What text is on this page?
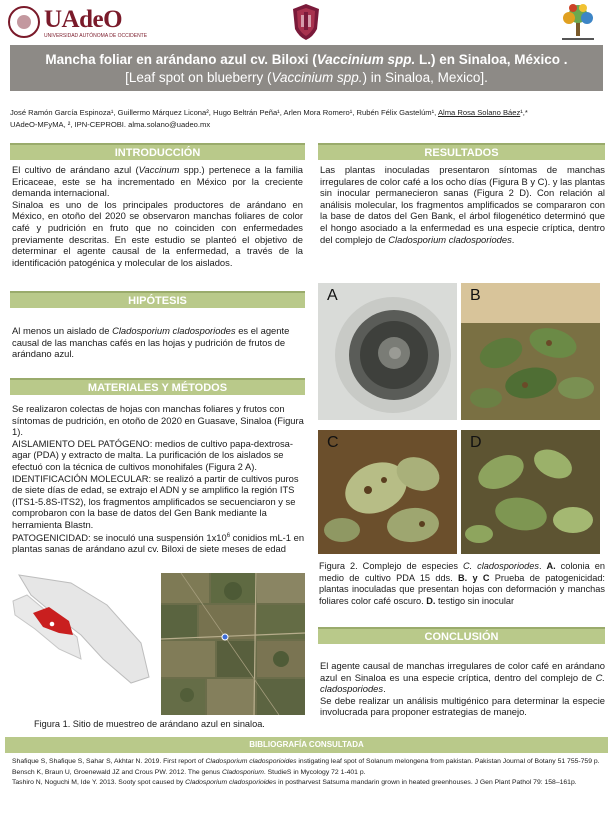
UAdeO
UNIVERSIDAD AUTÓNOMA DE OCCIDENTE
Mancha foliar en arándano azul cv. Biloxi (Vaccinium spp. L.) en Sinaloa, México .
[Leaf spot on blueberry (Vaccinium spp.) in Sinaloa, Mexico].
José Ramón García Espinoza¹, Guillermo Márquez Licona², Hugo Beltrán Peña¹, Arlen Mora Romero¹, Rubén Félix Gastelúm¹, Alma Rosa Solano Báez¹,*
UAdeO-MFyMA, ², IPN-CEPROBI. alma.solano@uadeo.mx
INTRODUCCIÓN
El cultivo de arándano azul (Vaccinum spp.) pertenece a la familia Ericaceae, este se ha incrementado en México por la creciente demanda internacional.
Sinaloa es uno de los principales productores de arándano en México, en otoño del 2020 se observaron manchas foliares de color café y pudrición en fruto que no coinciden con enfermedades previamente descritas. En este estudio se planteó el objetivo de determinar el agente causal de la enfermedad, a través de la identificación patogénica y molecular de los aislados.
HIPÓTESIS
Al menos un aislado de Cladosporium cladosporiodes es el agente causal de las manchas cafés en las hojas y pudrición de frutos de arándano azul.
MATERIALES Y MÉTODOS
Se realizaron colectas de hojas con manchas foliares y frutos con síntomas de pudrición, en otoño de 2020 en Guasave, Sinaloa (Figura 1).
AISLAMIENTO DEL PATÓGENO: medios de cultivo papa-dextrosa-agar (PDA) y extracto de malta. La purificación de los aislados se efectuó con la técnica de cultivos monohifales (Figura 2 A).
IDENTIFICACIÓN MOLECULAR: se realizó a partir de cultivos puros de siete días de edad, se extrajo el ADN y se amplifico la región ITS (ITS1-5.8S-ITS2), los fragmentos amplificados se secuenciaron y se comprobaron con la base de datos del Gen Bank mediante la herramienta Blastn.
PATOGENICIDAD: se inoculó una suspensión $1x10^6$ conidios mL-1 en plantas sanas de arándano azul cv. Biloxi de siete meses de edad
Figura 1. Sitio de muestreo de arándano azul en sinaloa.
RESULTADOS
Las plantas inoculadas presentaron síntomas de manchas irregulares de color café a los ocho días (Figura B y C). y las plantas sin inocular permanecieron sanas (Figura 2 D). Con relación al análisis molecular, los fragmentos amplificados se compararon con la base de datos del Gen Bank, el árbol filogenético determinó que el hongo asociado a la enfermedad es una especie críptica, dentro del complejo de Cladosporium cladosporiodes.
A	B
C	D
Figura 2. Complejo de especies C. cladosporiodes. A. colonia en medio de cultivo PDA 15 dds. B. y C Prueba de patogenicidad: plantas inoculadas que presentan hojas con deformación y manchas foliares color café oscuro. D. testigo sin inocular
CONCLUSIÓN
El agente causal de manchas irregulares de color café en arándano azul en Sinaloa es una especie críptica, dentro del complejo de C. cladosporiodes.
Se debe realizar un análisis multigénico para determinar la especie involucrada para proponer estrategias de manejo.
BIBLIOGRAFÍA CONSULTADA
Shafique S, Shafique S, Sahar S, Akhtar N. 2019. First report of Cladosporium cladosporioides instigating leaf spot of Solanum melongena from pakistan. Pakistan Journal of Botany 51 755-759 p.
Bensch K, Braun U, Groenewald JZ and Crous PW. 2012. The genus Cladosporium. StudieS in Mycology 72 1-401 p.
Tashiro N, Noguchi M, Ide Y. 2013. Sooty spot caused by Cladosporium cladosporioides in postharvest Satsuma mandarin grown in heated greenhouses. J Gen Plant Pathol 79: 158–161p.
